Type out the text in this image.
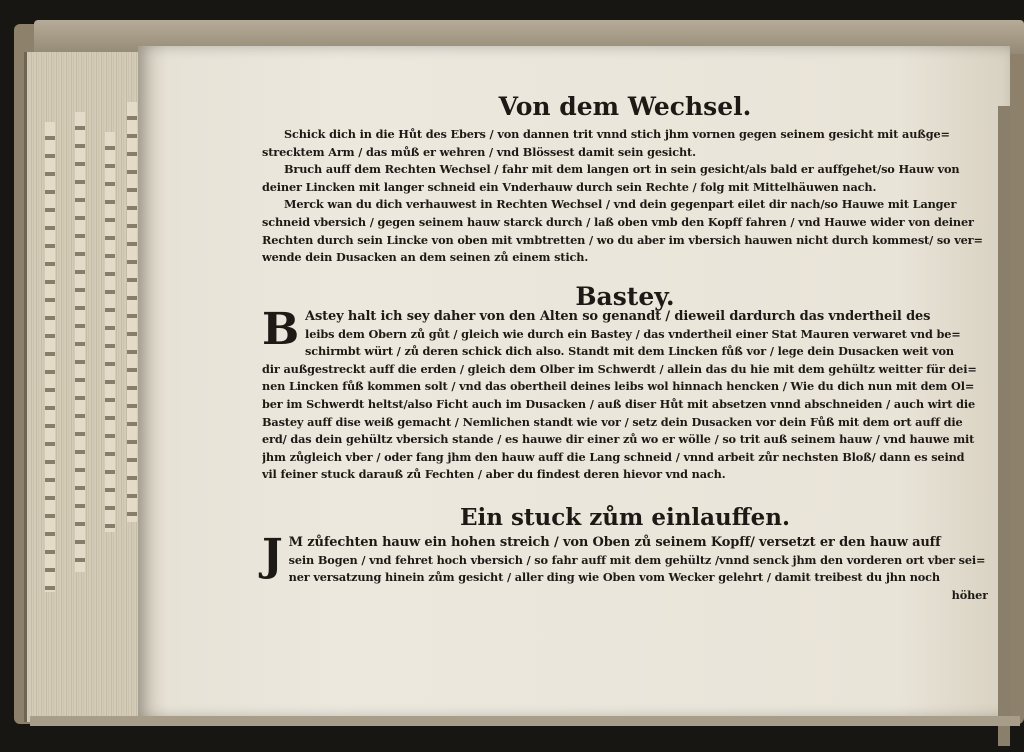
Von dem Wechsel.
Schick dich in die Hůt des Ebers / von dannen trit vnnd stich jhm vornen gegen seinem gesicht mit außge=
strecktem Arm / das můß er wehren / vnd Blössest damit sein gesicht.
Bruch auff dem Rechten Wechsel / fahr mit dem langen ort in sein gesicht/als bald er auffgehet/so Hauw von
deiner Lincken mit langer schneid ein Vnderhauw durch sein Rechte / folg mit Mittelhäuwen nach.
Merck wan du dich verhauwest in Rechten Wechsel / vnd dein gegenpart eilet dir nach/so Hauwe mit Langer
schneid vbersich / gegen seinem hauw starck durch / laß oben vmb den Kopff fahren / vnd Hauwe wider von deiner
Rechten durch sein Lincke von oben mit vmbtretten / wo du aber im vbersich hauwen nicht durch kommest/ so ver=
wende dein Dusacken an dem seinen zů einem stich.
Bastey.
B Astey halt ich sey daher von den Alten so genandt / dieweil dardurch das vndertheil des
leibs dem Obern zů gůt / gleich wie durch ein Bastey / das vndertheil einer Stat Mauren verwaret vnd be=
schirmbt würt / zů deren schick dich also. Standt mit dem Lincken fůß vor / lege dein Dusacken weit von
dir außgestreckt auff die erden / gleich dem Olber im Schwerdt / allein das du hie mit dem gehültz weitter für dei=
nen Lincken fůß kommen solt / vnd das obertheil deines leibs wol hinnach hencken / Wie du dich nun mit dem Ol=
ber im Schwerdt heltst/also Ficht auch im Dusacken / auß diser Hůt mit absetzen vnnd abschneiden / auch wirt die
Bastey auff dise weiß gemacht / Nemlichen standt wie vor / setz dein Dusacken vor dein Fůß mit dem ort auff die
erd/ das dein gehültz vbersich stande / es hauwe dir einer zů wo er wölle / so trit auß seinem hauw / vnd hauwe mit
jhm zůgleich vber / oder fang jhm den hauw auff die Lang schneid / vnnd arbeit zůr nechsten Bloß/ dann es seind
vil feiner stuck darauß zů Fechten / aber du findest deren hievor vnd nach.
Ein stuck zům einlauffen.
J M zůfechten hauw ein hohen streich / von Oben zů seinem Kopff/ versetzt er den hauw auff
sein Bogen / vnd fehret hoch vbersich / so fahr auff mit dem gehültz /vnnd senck jhm den vorderen ort vber sei=
ner versatzung hinein zům gesicht / aller ding wie Oben vom Wecker gelehrt / damit treibest du jhn noch
höher
